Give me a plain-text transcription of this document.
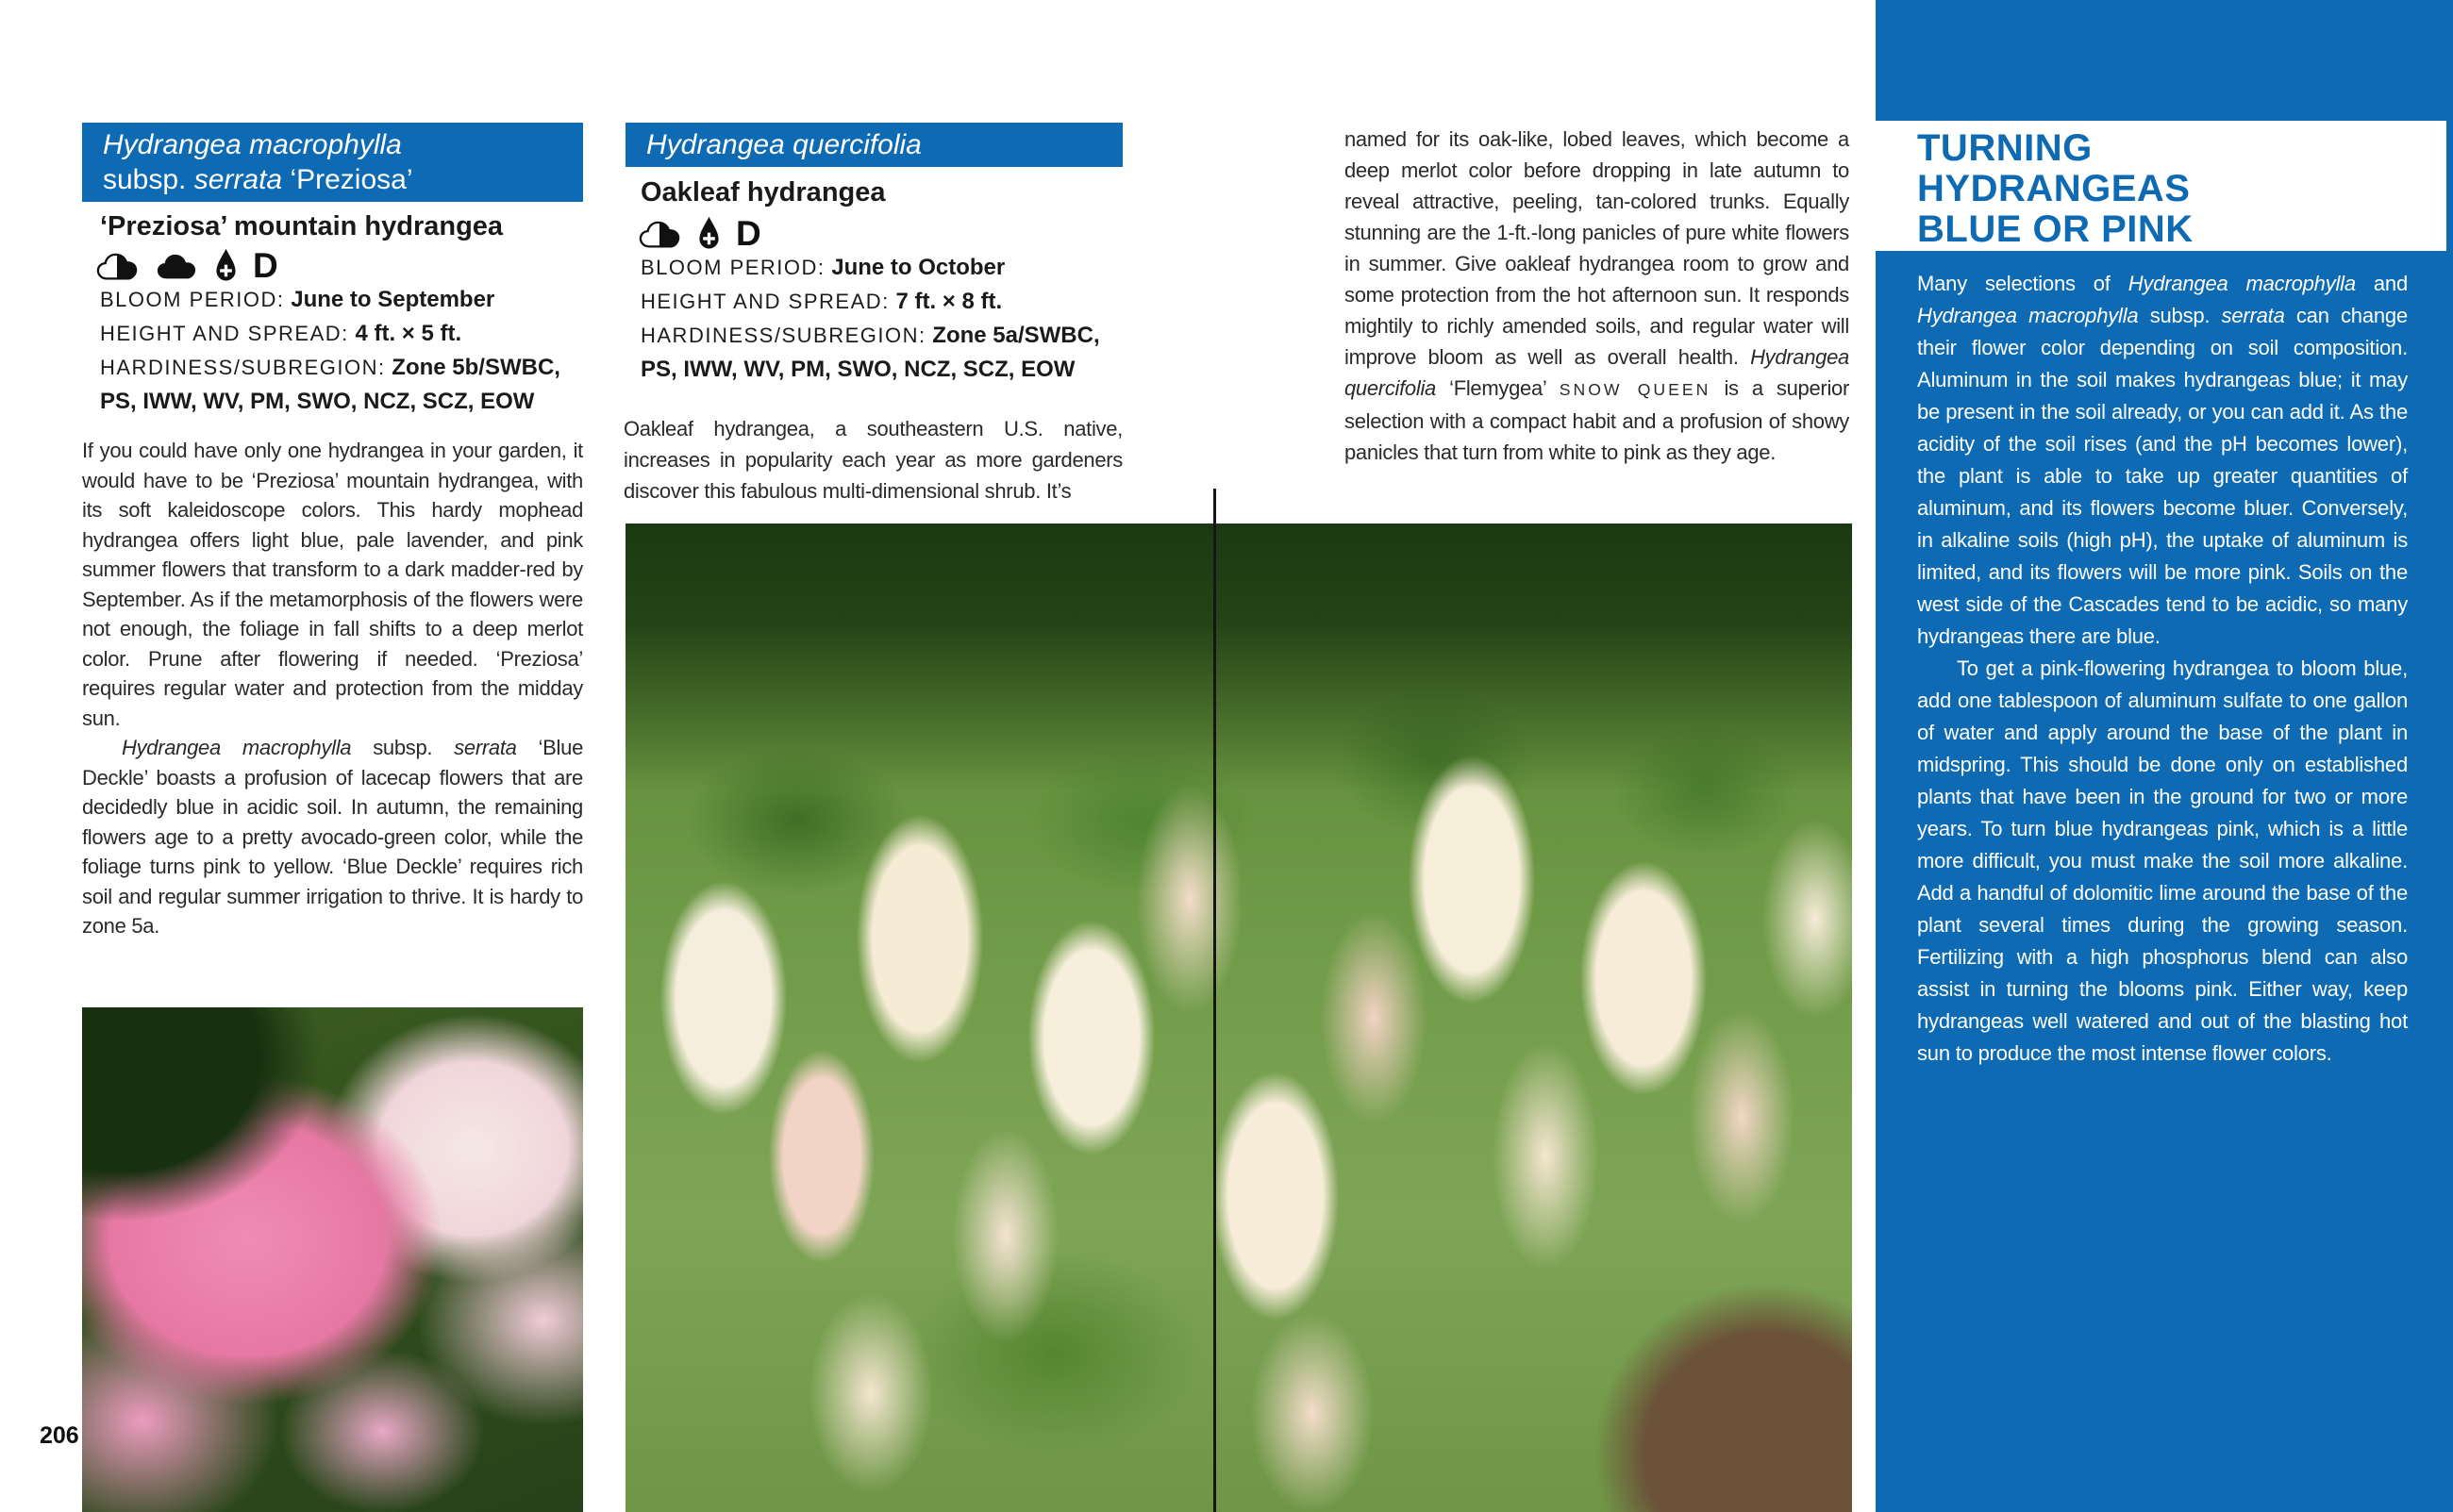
TURNING
HYDRANGEAS
BLUE OR PINK

Many selections of Hydrangea macrophylla and Hydrangea macrophylla subsp. serrata can change their flower color depending on soil composition. Aluminum in the soil makes hydrangeas blue; it may be present in the soil already, or you can add it. As the acidity of the soil rises (and the pH becomes lower), the plant is able to take up greater quantities of aluminum, and its flowers become bluer. Conversely, in alkaline soils (high pH), the uptake of aluminum is limited, and its flowers will be more pink. Soils on the west side of the Cascades tend to be acidic, so many hydrangeas there are blue.

To get a pink-flowering hydrangea to bloom blue, add one tablespoon of aluminum sulfate to one gallon of water and apply around the base of the plant in midspring. This should be done only on established plants that have been in the ground for two or more years. To turn blue hydrangeas pink, which is a little more difficult, you must make the soil more alkaline. Add a handful of dolomitic lime around the base of the plant several times during the growing season. Fertilizing with a high phosphorus blend can also assist in turning the blooms pink. Either way, keep hydrangeas well watered and out of the blasting hot sun to produce the most intense flower colors.

Hydrangea macrophylla
subsp. serrata ‘Preziosa’
‘Preziosa’ mountain hydrangea
D
BLOOM PERIOD: June to September
HEIGHT AND SPREAD: 4 ft. × 5 ft.
HARDINESS/SUBREGION: Zone 5b/SWBC, PS, IWW, WV, PM, SWO, NCZ, SCZ, EOW

If you could have only one hydrangea in your garden, it would have to be ‘Preziosa’ mountain hydrangea, with its soft kaleidoscope colors. This hardy mophead hydrangea offers light blue, pale lavender, and pink summer flowers that transform to a dark madder-red by September. As if the metamorphosis of the flowers were not enough, the foliage in fall shifts to a deep merlot color. Prune after flowering if needed. ‘Preziosa’ requires regular water and protection from the midday sun.

Hydrangea macrophylla subsp. serrata ‘Blue Deckle’ boasts a profusion of lacecap flowers that are decidedly blue in acidic soil. In autumn, the remaining flowers age to a pretty avocado-green color, while the foliage turns pink to yellow. ‘Blue Deckle’ requires rich soil and regular summer irrigation to thrive. It is hardy to zone 5a.

Hydrangea quercifolia
Oakleaf hydrangea
D
BLOOM PERIOD: June to October
HEIGHT AND SPREAD: 7 ft. × 8 ft.
HARDINESS/SUBREGION: Zone 5a/SWBC, PS, IWW, WV, PM, SWO, NCZ, SCZ, EOW

Oakleaf hydrangea, a southeastern U.S. native, increases in popularity each year as more gardeners discover this fabulous multi-dimensional shrub. It’s

named for its oak-like, lobed leaves, which become a deep merlot color before dropping in late autumn to reveal attractive, peeling, tan-colored trunks. Equally stunning are the 1-ft.-long panicles of pure white flowers in summer. Give oakleaf hydrangea room to grow and some protection from the hot afternoon sun. It responds mightily to richly amended soils, and regular water will improve bloom as well as overall health. Hydrangea quercifolia ‘Flemygea’ SNOW QUEEN is a superior selection with a compact habit and a profusion of showy panicles that turn from white to pink as they age.

206
